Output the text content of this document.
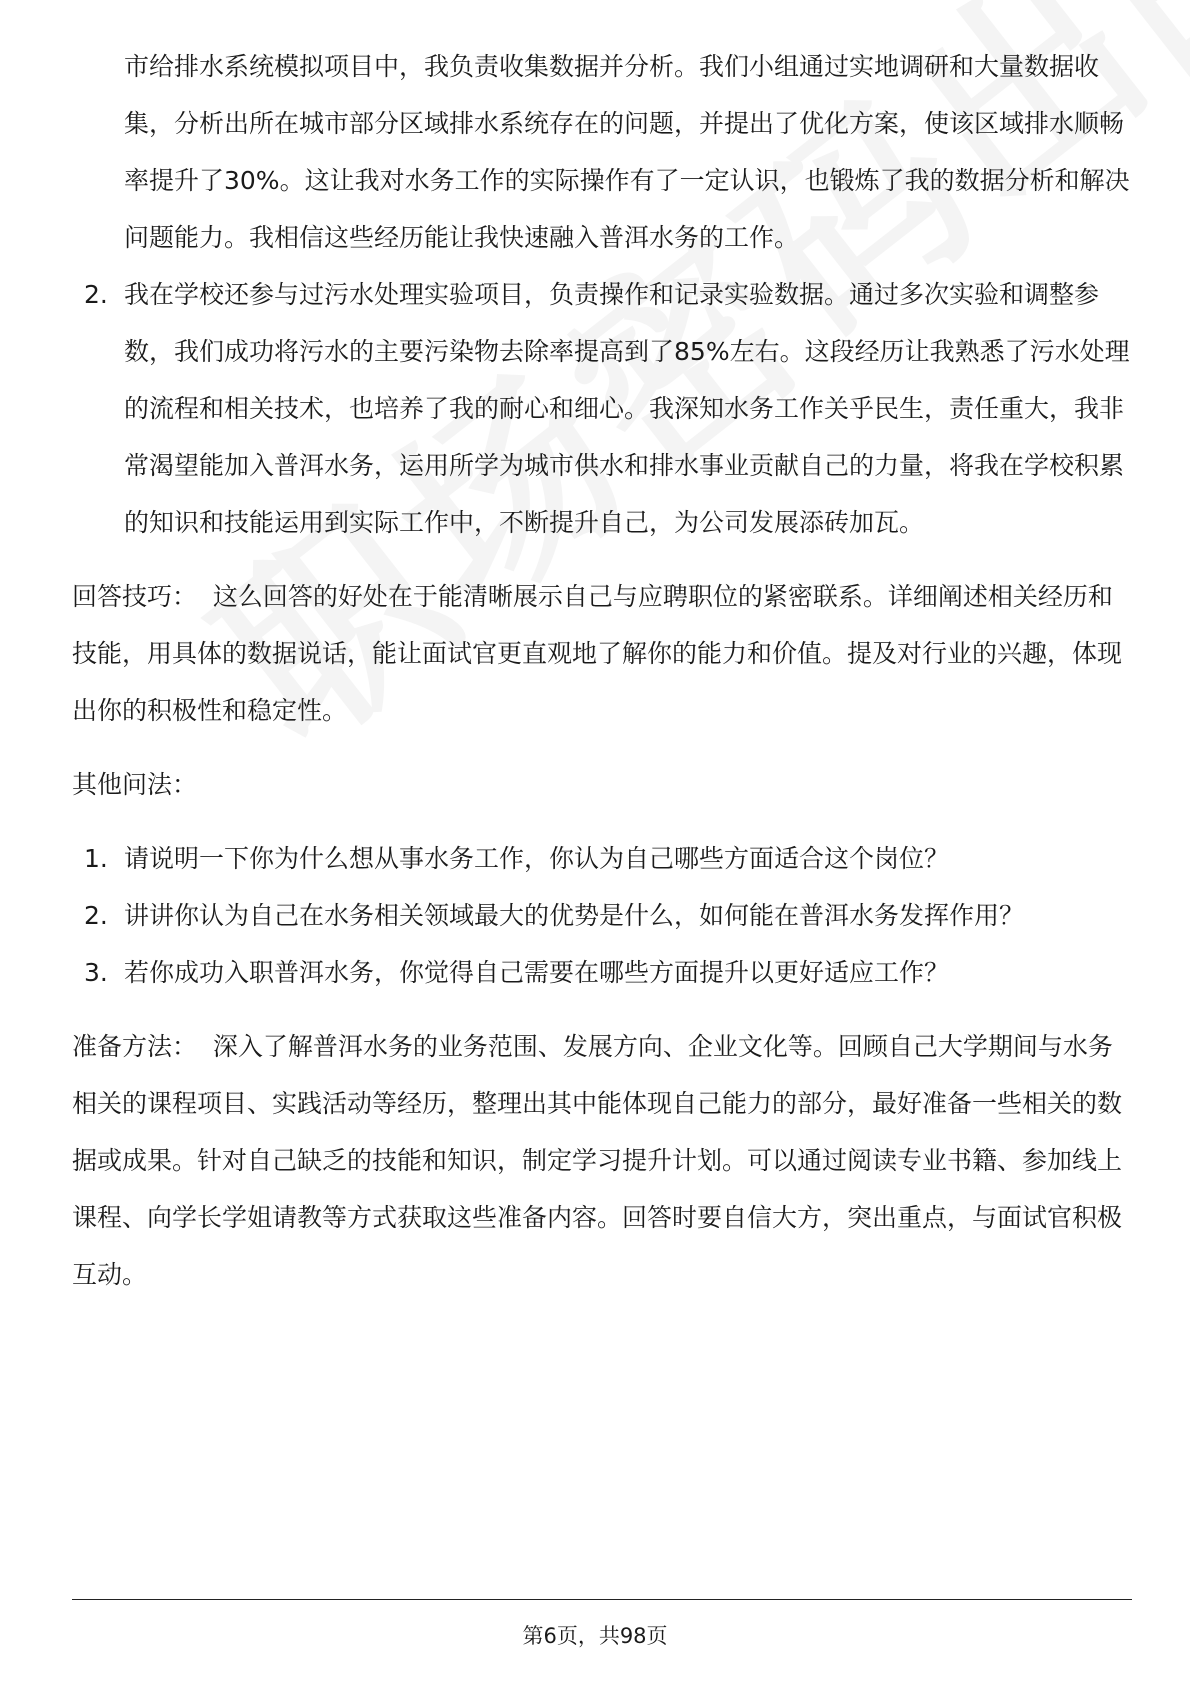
市给排水系统模拟项目中，我负责收集数据并分析。我们小组通过实地调研和大量数据收集，分析出所在城市部分区域排水系统存在的问题，并提出了优化方案，使该区域排水顺畅率提升了30%。这让我对水务工作的实际操作有了一定认识，也锻炼了我的数据分析和解决问题能力。我相信这些经历能让我快速融入普洱水务的工作。
2. 我在学校还参与过污水处理实验项目，负责操作和记录实验数据。通过多次实验和调整参数，我们成功将污水的主要污染物去除率提高到了85%左右。这段经历让我熟悉了污水处理的流程和相关技术，也培养了我的耐心和细心。我深知水务工作关乎民生，责任重大，我非常渴望能加入普洱水务，运用所学为城市供水和排水事业贡献自己的力量，将我在学校积累的知识和技能运用到实际工作中，不断提升自己，为公司发展添砖加瓦。
回答技巧： 这么回答的好处在于能清晰展示自己与应聘职位的紧密联系。详细阐述相关经历和技能，用具体的数据说话，能让面试官更直观地了解你的能力和价值。提及对行业的兴趣，体现出你的积极性和稳定性。
其他问法：
1. 请说明一下你为什么想从事水务工作，你认为自己哪些方面适合这个岗位？
2. 讲讲你认为自己在水务相关领域最大的优势是什么，如何能在普洱水务发挥作用？
3. 若你成功入职普洱水务，你觉得自己需要在哪些方面提升以更好适应工作？
准备方法： 深入了解普洱水务的业务范围、发展方向、企业文化等。回顾自己大学期间与水务相关的课程项目、实践活动等经历，整理出其中能体现自己能力的部分，最好准备一些相关的数据或成果。针对自己缺乏的技能和知识，制定学习提升计划。可以通过阅读专业书籍、参加线上课程、向学长学姐请教等方式获取这些准备内容。回答时要自信大方，突出重点，与面试官积极互动。
第6页，共98页
